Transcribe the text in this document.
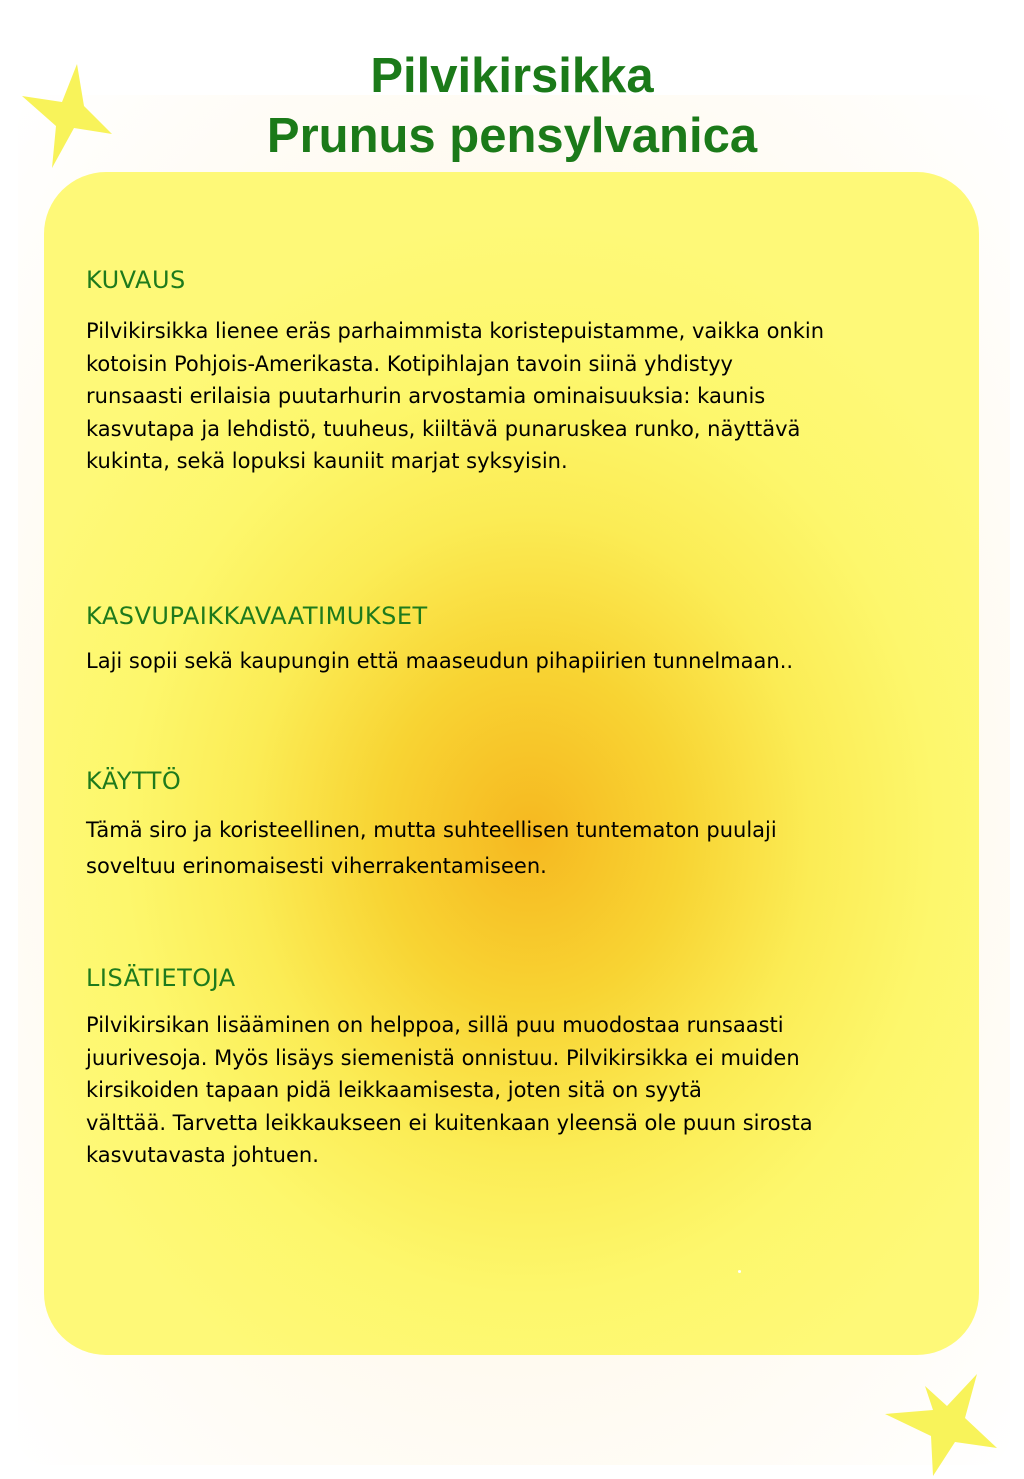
Pilvikirsikka
Prunus pensylvanica
KUVAUS
Pilvikirsikka lienee eräs parhaimmista koristepuistamme, vaikka onkin
kotoisin Pohjois-Amerikasta. Kotipihlajan tavoin siinä yhdistyy
runsaasti erilaisia puutarhurin arvostamia ominaisuuksia: kaunis
kasvutapa ja lehdistö, tuuheus, kiiltävä punaruskea runko, näyttävä
kukinta, sekä lopuksi kauniit marjat syksyisin.
KASVUPAIKKAVAATIMUKSET
Laji sopii sekä kaupungin että maaseudun pihapiirien tunnelmaan..
KÄYTTÖ
Tämä siro ja koristeellinen, mutta suhteellisen tuntematon puulaji
soveltuu erinomaisesti viherrakentamiseen.
LISÄTIETOJA
Pilvikirsikan lisääminen on helppoa, sillä puu muodostaa runsaasti
juurivesoja. Myös lisäys siemenistä onnistuu. Pilvikirsikka ei muiden
kirsikoiden tapaan pidä leikkaamisesta, joten sitä on syytä
välttää. Tarvetta leikkaukseen ei kuitenkaan yleensä ole puun sirosta
kasvutavasta johtuen.
